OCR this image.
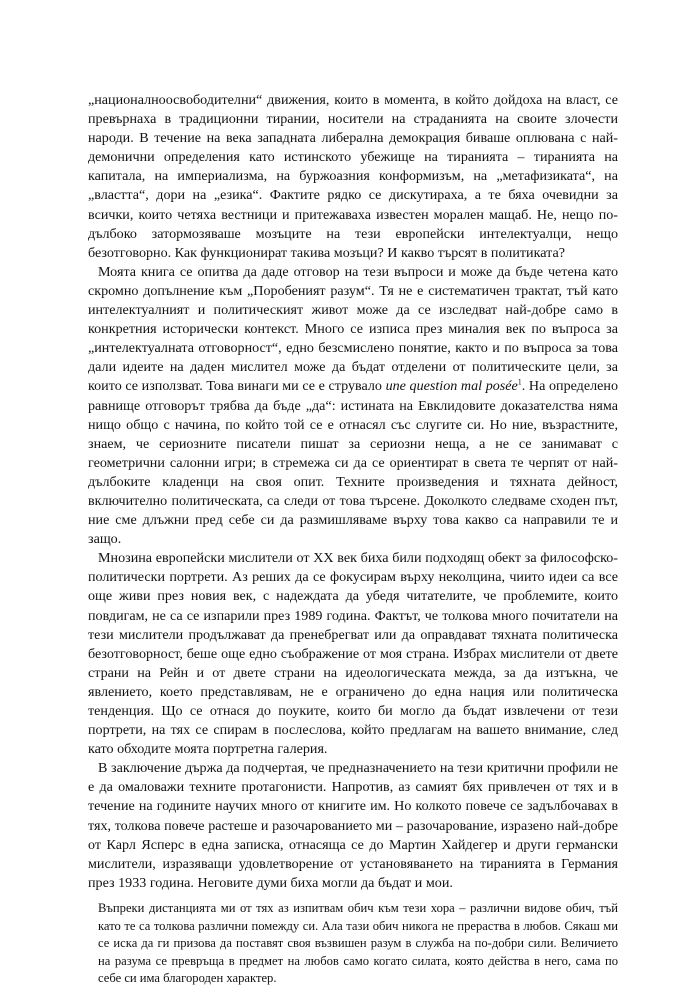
„националноосвободителни“ движения, които в момента, в който дойдоха на власт, се превърнаха в традиционни тирании, носители на страданията на своите злочести народи. В течение на века западната либерална демокрация биваше оплювана с най-демонични определения като истинското убежище на тиранията – тиранията на капитала, на империализма, на буржоазния конформизъм, на „метафизиката“, на „властта“, дори на „езика“. Фактите рядко се дискутираха, а те бяха очевидни за всички, които четяха вестници и притежаваха известен морален мащаб. Не, нещо по-дълбоко затормозяваше мозъците на тези европейски интелектуалци, нещо безотговорно. Как функционират такива мозъци? И какво търсят в политиката?

Моята книга се опитва да даде отговор на тези въпроси и може да бъде четена като скромно допълнение към „Поробеният разум“. Тя не е систематичен трактат, тъй като интелектуалният и политическият живот може да се изследват най-добре само в конкретния исторически контекст. Много се изписа през миналия век по въпроса за „интелектуалната отговорност“, едно безсмислено понятие, както и по въпроса за това дали идеите на даден мислител може да бъдат отделени от политическите цели, за които се използват. Това винаги ми се е струвало une question mal posée$^1$. На определено равнище отговорът трябва да бъде „да“: истината на Евклидовите доказателства няма нищо общо с начина, по който той се е отнасял със слугите си. Но ние, възрастните, знаем, че сериозните писатели пишат за сериозни неща, а не се занимават с геометрични салонни игри; в стремежа си да се ориентират в света те черпят от най-дълбоките кладенци на своя опит. Техните произведения и тяхната дейност, включително политическата, са следи от това търсене. Доколкото следваме сходен път, ние сме длъжни пред себе си да размишляваме върху това какво са направили те и защо.

Мнозина европейски мислители от XX век биха били подходящ обект за философско-политически портрети. Аз реших да се фокусирам върху неколцина, чиито идеи са все още живи през новия век, с надеждата да убедя читателите, че проблемите, които повдигам, не са се изпарили през 1989 година. Фактът, че толкова много почитатели на тези мислители продължават да пренебрегват или да оправдават тяхната политическа безотговорност, беше още едно съображение от моя страна. Избрах мислители от двете страни на Рейн и от двете страни на идеологическата межда, за да изтъкна, че явлението, което представлявам, не е ограничено до една нация или политическа тенденция. Що се отнася до поуките, които би могло да бъдат извлечени от тези портрети, на тях се спирам в послесловa, който предлагам на вашето внимание, след като обходите моята портретна галерия.

В заключение държа да подчертая, че предназначението на тези критични профили не е да омаловажи техните протагонисти. Напротив, аз самият бях привлечен от тях и в течение на годините научих много от книгите им. Но колкото повече се задълбочавах в тях, толкова повече растеше и разочарованието ми – разочарование, изразено най-добре от Карл Ясперс в една записка, отнасяща се до Мартин Хайдегер и други германски мислители, изразяващи удовлетворение от установяването на тиранията в Германия през 1933 година. Неговите думи биха могли да бъдат и мои.

Въпреки дистанцията ми от тях аз изпитвам обич към тези хора – различни видове обич, тъй като те са толкова различни помежду си. Ала тази обич никога не прераства в любов. Сякаш ми се иска да ги призова да поставят своя възвишен разум в служба на по-добри сили. Величието на разума се превръща в предмет на любов само когато силата, която действа в него, сама по себе си има благороден характер.
